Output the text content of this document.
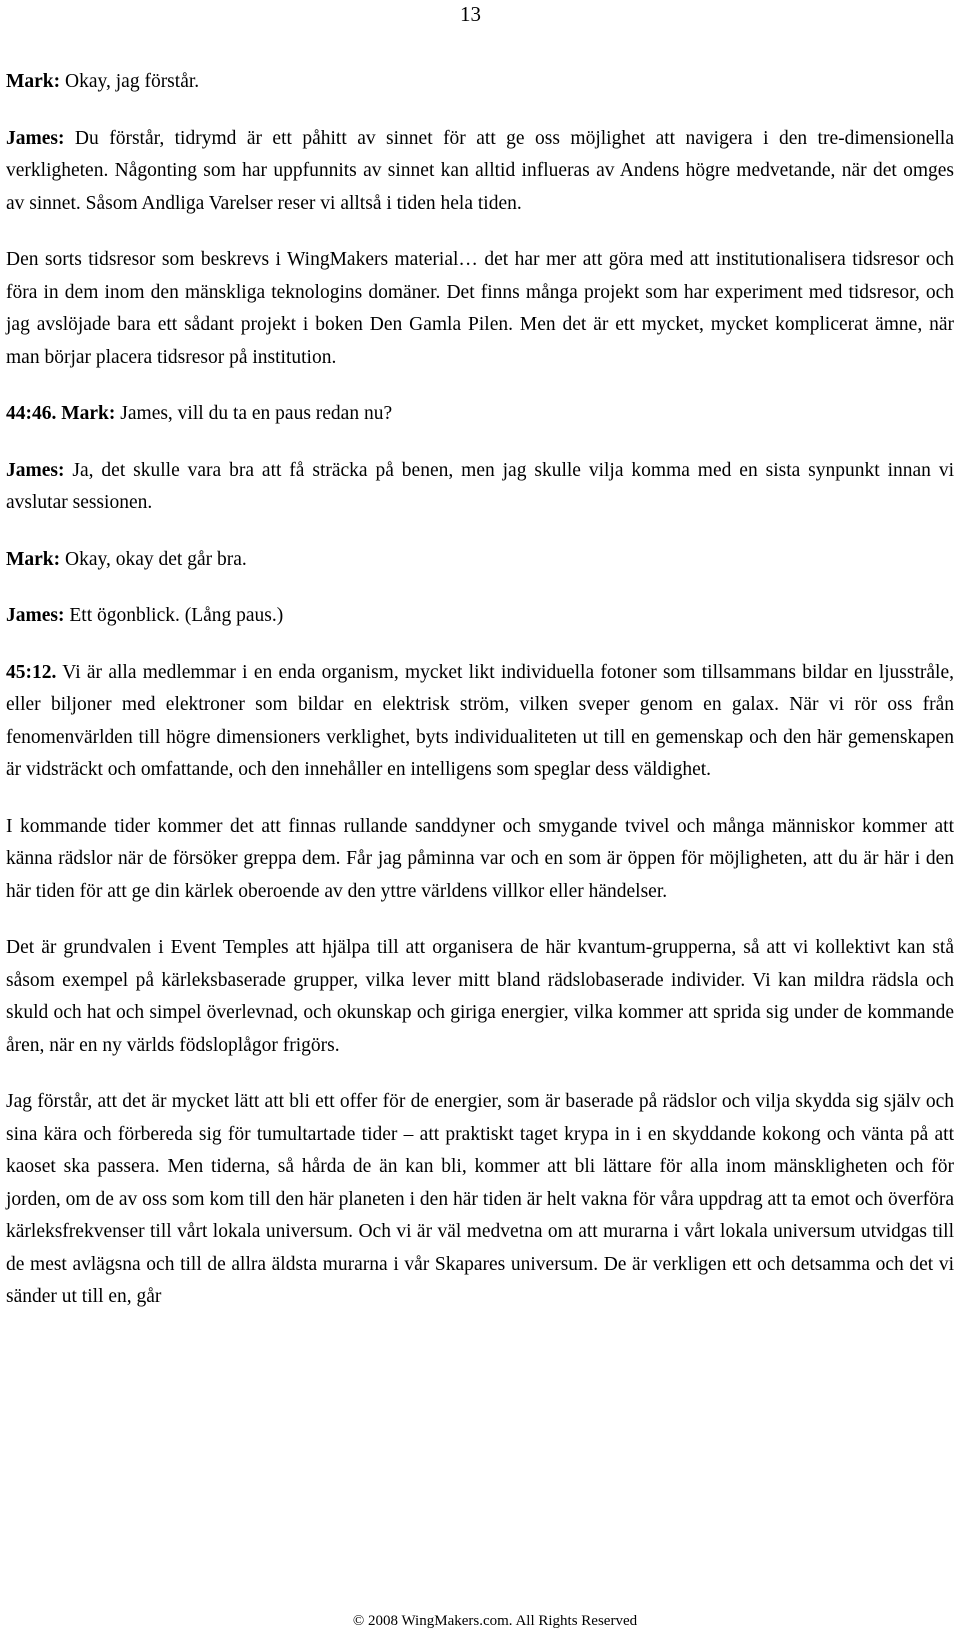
13

Mark: Okay, jag förstår.

James: Du förstår, tidrymd är ett påhitt av sinnet för att ge oss möjlighet att navigera i den tre-dimensionella verkligheten. Någonting som har uppfunnits av sinnet kan alltid influeras av Andens högre medvetande, när det omges av sinnet. Såsom Andliga Varelser reser vi alltså i tiden hela tiden.

Den sorts tidsresor som beskrevs i WingMakers material… det har mer att göra med att institutionalisera tidsresor och föra in dem inom den mänskliga teknologins domäner. Det finns många projekt som har experiment med tidsresor, och jag avslöjade bara ett sådant projekt i boken Den Gamla Pilen. Men det är ett mycket, mycket komplicerat ämne, när man börjar placera tidsresor på institution.

44:46. Mark: James, vill du ta en paus redan nu?

James: Ja, det skulle vara bra att få sträcka på benen, men jag skulle vilja komma med en sista synpunkt innan vi avslutar sessionen.

Mark: Okay, okay det går bra.

James: Ett ögonblick. (Lång paus.)

45:12. Vi är alla medlemmar i en enda organism, mycket likt individuella fotoner som tillsammans bildar en ljusstråle, eller biljoner med elektroner som bildar en elektrisk ström, vilken sveper genom en galax. När vi rör oss från fenomenvärlden till högre dimensioners verklighet, byts individualiteten ut till en gemenskap och den här gemenskapen är vidsträckt och omfattande, och den innehåller en intelligens som speglar dess väldighet.

I kommande tider kommer det att finnas rullande sanddyner och smygande tvivel och många människor kommer att känna rädslor när de försöker greppa dem. Får jag påminna var och en som är öppen för möjligheten, att du är här i den här tiden för att ge din kärlek oberoende av den yttre världens villkor eller händelser.

Det är grundvalen i Event Temples att hjälpa till att organisera de här kvantum-grupperna, så att vi kollektivt kan stå såsom exempel på kärleksbaserade grupper, vilka lever mitt bland rädslobaserade individer. Vi kan mildra rädsla och skuld och hat och simpel överlevnad, och okunskap och giriga energier, vilka kommer att sprida sig under de kommande åren, när en ny världs födsloplågor frigörs.

Jag förstår, att det är mycket lätt att bli ett offer för de energier, som är baserade på rädslor och vilja skydda sig själv och sina kära och förbereda sig för tumultartade tider – att praktiskt taget krypa in i en skyddande kokong och vänta på att kaoset ska passera. Men tiderna, så hårda de än kan bli, kommer att bli lättare för alla inom mänskligheten och för jorden, om de av oss som kom till den här planeten i den här tiden är helt vakna för våra uppdrag att ta emot och överföra kärleksfrekvenser till vårt lokala universum. Och vi är väl medvetna om att murarna i vårt lokala universum utvidgas till de mest avlägsna och till de allra äldsta murarna i vår Skapares universum. De är verkligen ett och detsamma och det vi sänder ut till en, går

© 2008 WingMakers.com. All Rights Reserved
